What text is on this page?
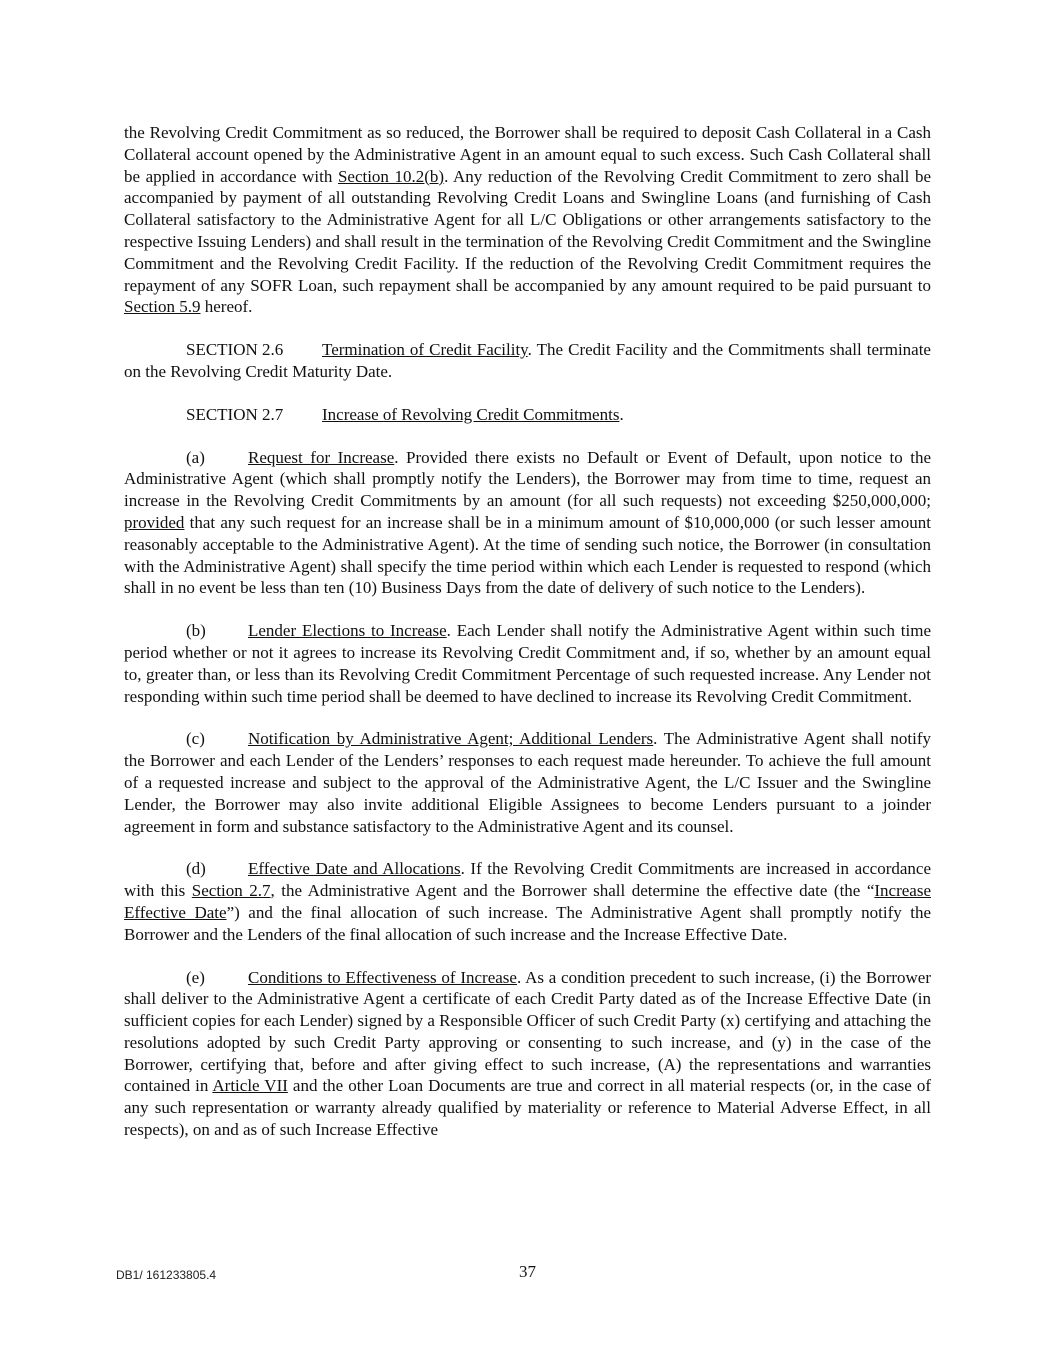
the Revolving Credit Commitment as so reduced, the Borrower shall be required to deposit Cash Collateral in a Cash Collateral account opened by the Administrative Agent in an amount equal to such excess. Such Cash Collateral shall be applied in accordance with Section 10.2(b). Any reduction of the Revolving Credit Commitment to zero shall be accompanied by payment of all outstanding Revolving Credit Loans and Swingline Loans (and furnishing of Cash Collateral satisfactory to the Administrative Agent for all L/C Obligations or other arrangements satisfactory to the respective Issuing Lenders) and shall result in the termination of the Revolving Credit Commitment and the Swingline Commitment and the Revolving Credit Facility. If the reduction of the Revolving Credit Commitment requires the repayment of any SOFR Loan, such repayment shall be accompanied by any amount required to be paid pursuant to Section 5.9 hereof.

SECTION 2.6 Termination of Credit Facility. The Credit Facility and the Commitments shall terminate on the Revolving Credit Maturity Date.

SECTION 2.7 Increase of Revolving Credit Commitments.

(a)	Request for Increase. Provided there exists no Default or Event of Default, upon notice to the Administrative Agent (which shall promptly notify the Lenders), the Borrower may from time to time, request an increase in the Revolving Credit Commitments by an amount (for all such requests) not exceeding $250,000,000; provided that any such request for an increase shall be in a minimum amount of $10,000,000 (or such lesser amount reasonably acceptable to the Administrative Agent). At the time of sending such notice, the Borrower (in consultation with the Administrative Agent) shall specify the time period within which each Lender is requested to respond (which shall in no event be less than ten (10) Business Days from the date of delivery of such notice to the Lenders).

(b) Lender Elections to Increase. Each Lender shall notify the Administrative Agent within such time period whether or not it agrees to increase its Revolving Credit Commitment and, if so, whether by an amount equal to, greater than, or less than its Revolving Credit Commitment Percentage of such requested increase. Any Lender not responding within such time period shall be deemed to have declined to increase its Revolving Credit Commitment.

(c)	Notification by Administrative Agent; Additional Lenders. The Administrative Agent shall notify the Borrower and each Lender of the Lenders’ responses to each request made hereunder. To achieve the full amount of a requested increase and subject to the approval of the Administrative Agent, the L/C Issuer and the Swingline Lender, the Borrower may also invite additional Eligible Assignees to become Lenders pursuant to a joinder agreement in form and substance satisfactory to the Administrative Agent and its counsel.

(d) Effective Date and Allocations. If the Revolving Credit Commitments are increased in accordance with this Section 2.7, the Administrative Agent and the Borrower shall determine the effective date (the “Increase Effective Date”) and the final allocation of such increase. The Administrative Agent shall promptly notify the Borrower and the Lenders of the final allocation of such increase and the Increase Effective Date.

(e)	Conditions to Effectiveness of Increase. As a condition precedent to such increase, (i) the Borrower shall deliver to the Administrative Agent a certificate of each Credit Party dated as of the Increase Effective Date (in sufficient copies for each Lender) signed by a Responsible Officer of such Credit Party (x) certifying and attaching the resolutions adopted by such Credit Party approving or consenting to such increase, and (y) in the case of the Borrower, certifying that, before and after giving effect to such increase, (A) the representations and warranties contained in Article VII and the other Loan Documents are true and correct in all material respects (or, in the case of any such representation or warranty already qualified by materiality or reference to Material Adverse Effect, in all respects), on and as of such Increase Effective

DB1/ 161233805.4	37
